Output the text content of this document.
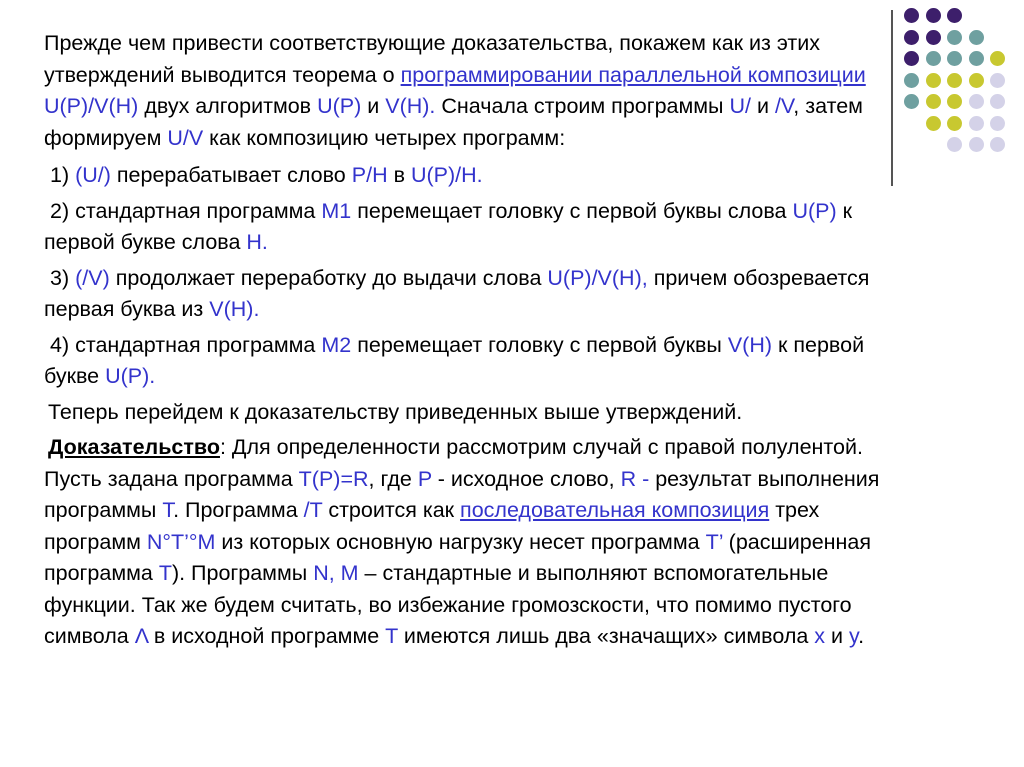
Прежде чем привести соответствующие доказательства, покажем как из этих утверждений выводится теорема о программировании параллельной композиции U(P)/V(H) двух алгоритмов U(P) и V(H). Сначала строим программы U/ и /V, затем формируем U/V как композицию четырех программ:

1) (U/) перерабатывает слово P/H в U(P)/H.

2) стандартная программа M1 перемещает головку с первой буквы слова U(P) к первой букве слова H.

3) (/V) продолжает переработку до выдачи слова U(P)/V(H), причем обозревается первая буква из V(H).

4) стандартная программа M2 перемещает головку с первой буквы V(H) к первой букве U(P).

Теперь перейдем к доказательству приведенных выше утверждений.

Доказательство: Для определенности рассмотрим случай с правой полулентой. Пусть задана программа T(P)=R, где P - исходное слово, R - результат выполнения программы T. Программа /T строится как последовательная композиция трех программ N°T’°M из которых основную нагрузку несет программа T’ (расширенная программа T). Программы N, M – стандартные и выполняют вспомогательные функции. Так же будем считать, во избежание громозскости, что помимо пустого символа Λ в исходной программе T имеются лишь два «значащих» символа x и y.
